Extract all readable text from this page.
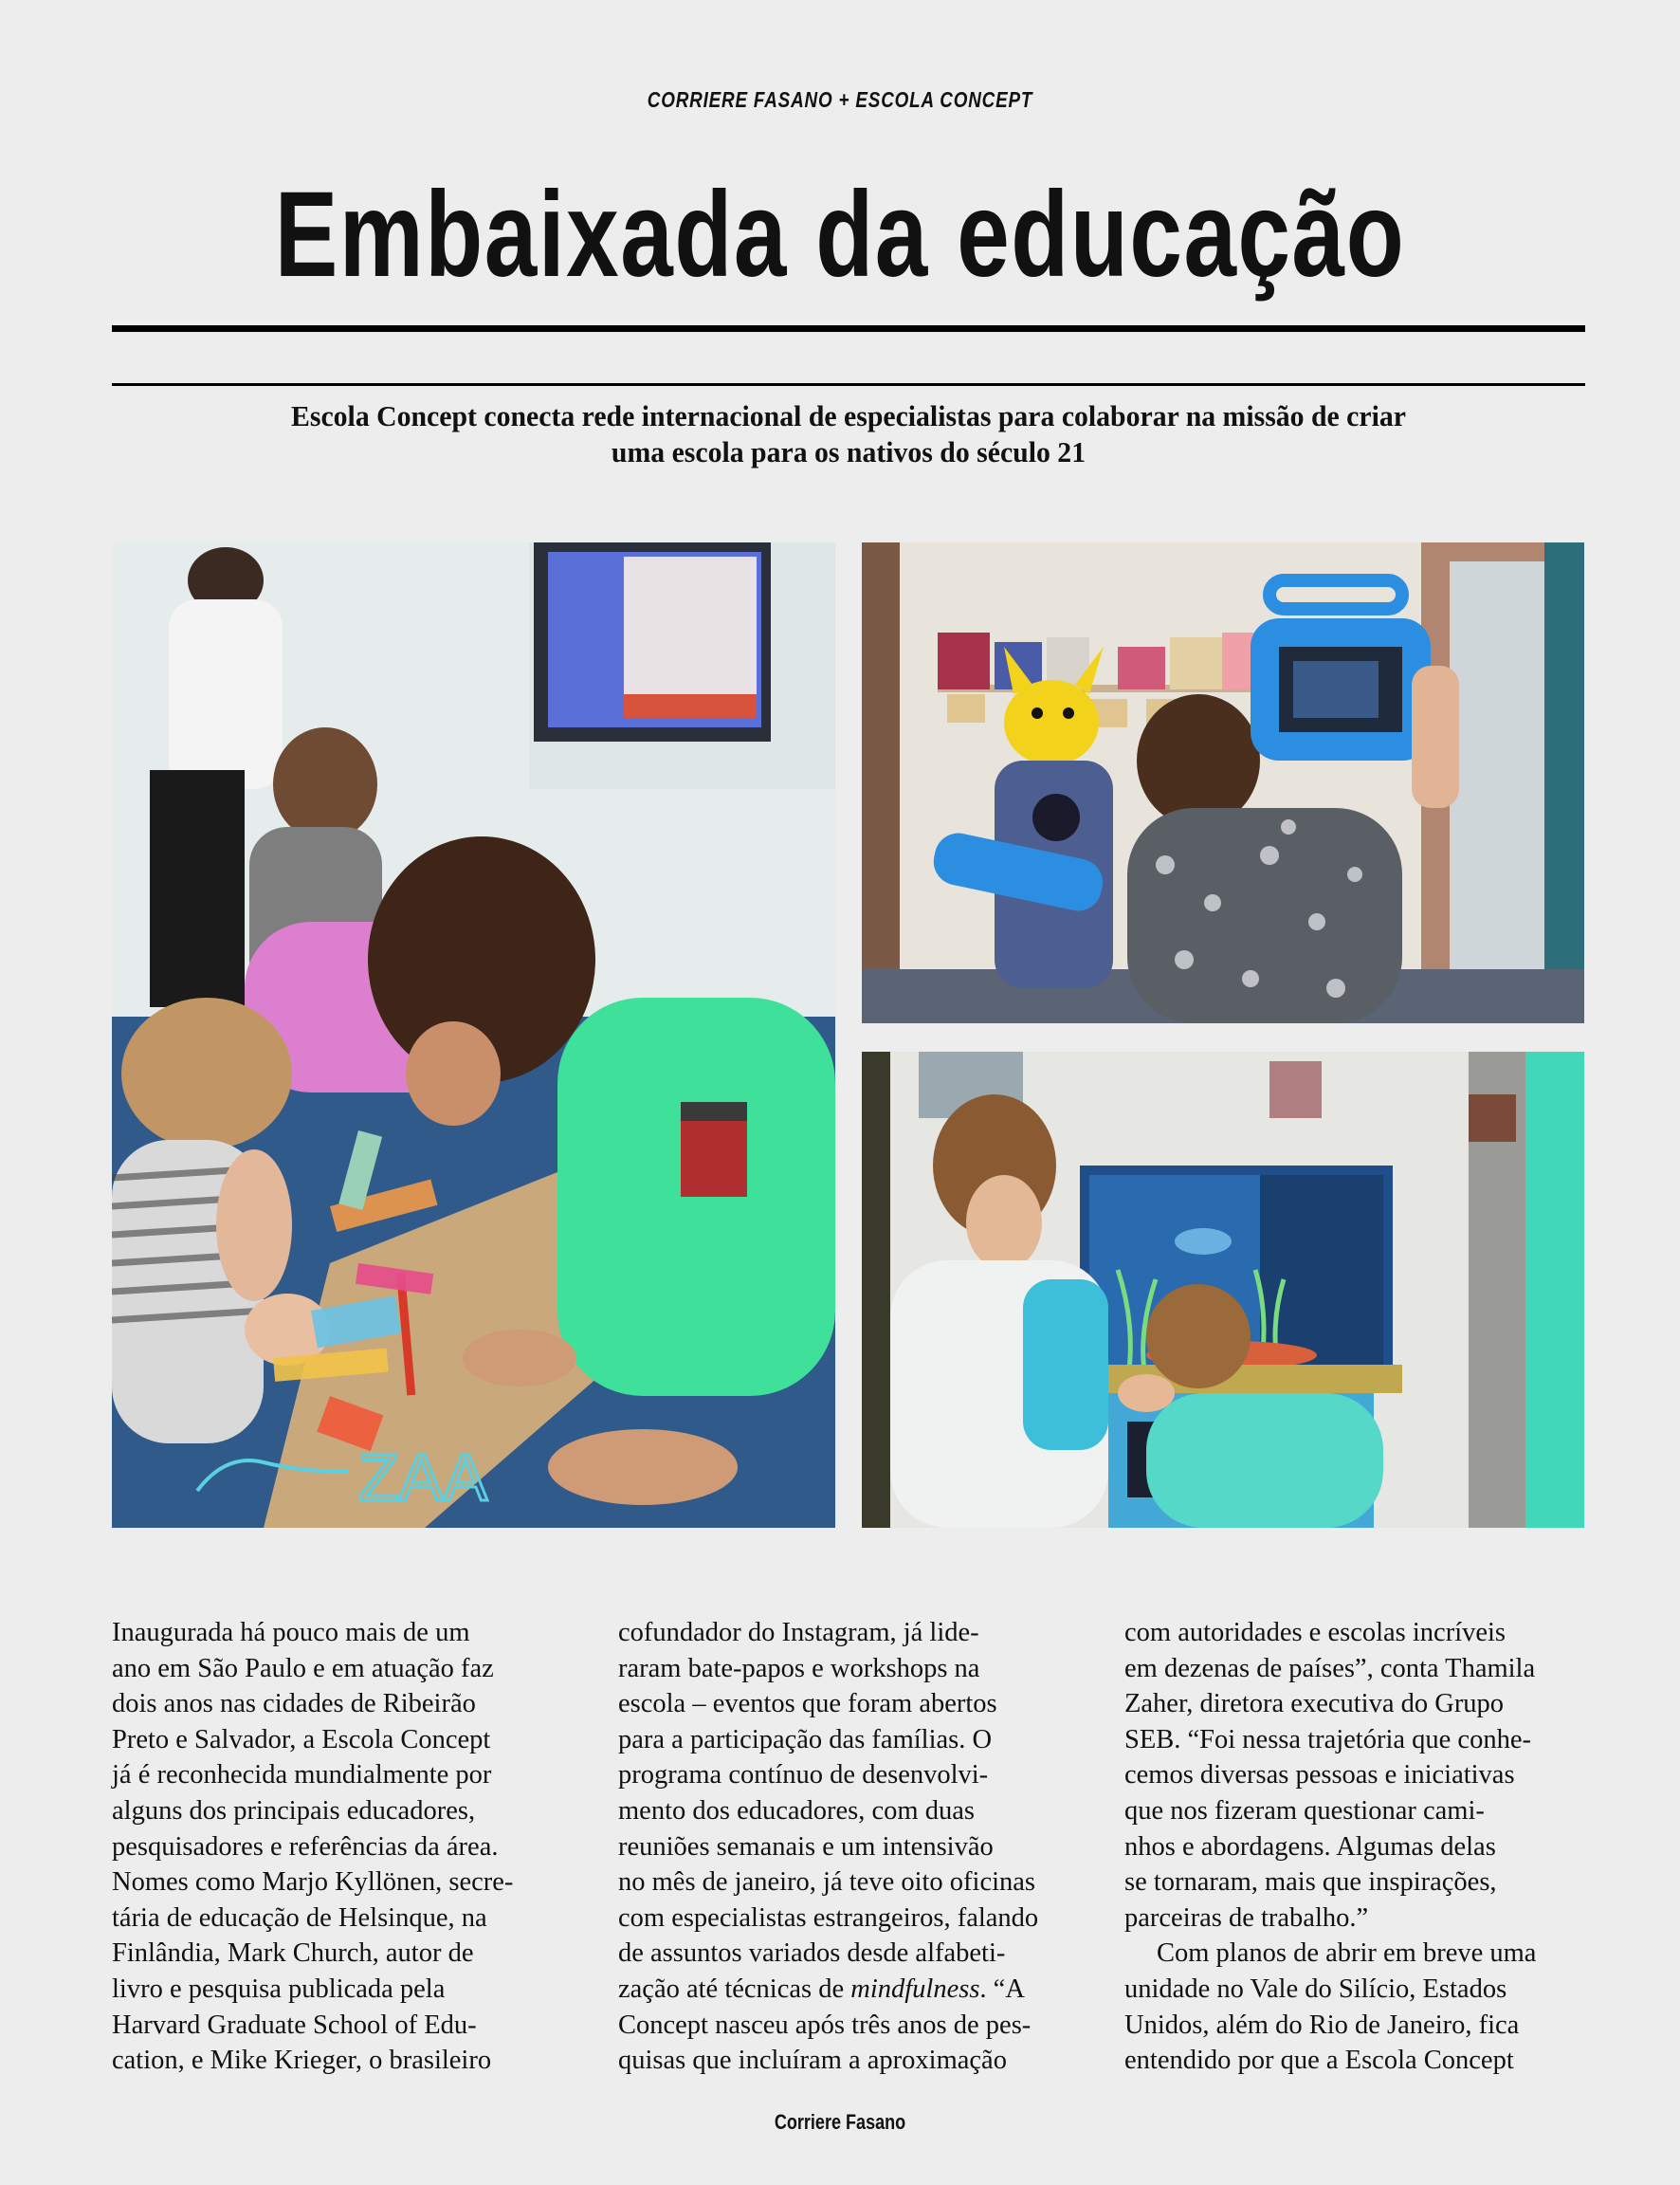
CORRIERE FASANO + ESCOLA CONCEPT
Embaixada da educação
Escola Concept conecta rede internacional de especialistas para colaborar na missão de criar
uma escola para os nativos do século 21
ZAA
Inaugurada há pouco mais de um
ano em São Paulo e em atuação faz
dois anos nas cidades de Ribeirão
Preto e Salvador, a Escola Concept
já é reconhecida mundialmente por
alguns dos principais educadores,
pesquisadores e referências da área.
Nomes como Marjo Kyllönen, secre-
tária de educação de Helsinque, na
Finlândia, Mark Church, autor de
livro e pesquisa publicada pela
Harvard Graduate School of Edu-
cation, e Mike Krieger, o brasileiro
cofundador do Instagram, já lide-
raram bate-papos e workshops na
escola – eventos que foram abertos
para a participação das famílias. O
programa contínuo de desenvolvi-
mento dos educadores, com duas
reuniões semanais e um intensivão
no mês de janeiro, já teve oito oficinas
com especialistas estrangeiros, falando
de assuntos variados desde alfabeti-
zação até técnicas de mindfulness. “A
Concept nasceu após três anos de pes-
quisas que incluíram a aproximação
com autoridades e escolas incríveis
em dezenas de países”, conta Thamila
Zaher, diretora executiva do Grupo
SEB. “Foi nessa trajetória que conhe-
cemos diversas pessoas e iniciativas
que nos fizeram questionar cami-
nhos e abordagens. Algumas delas
se tornaram, mais que inspirações,
parceiras de trabalho.”
Com planos de abrir em breve uma
unidade no Vale do Silício, Estados
Unidos, além do Rio de Janeiro, fica
entendido por que a Escola Concept
Corriere Fasano
